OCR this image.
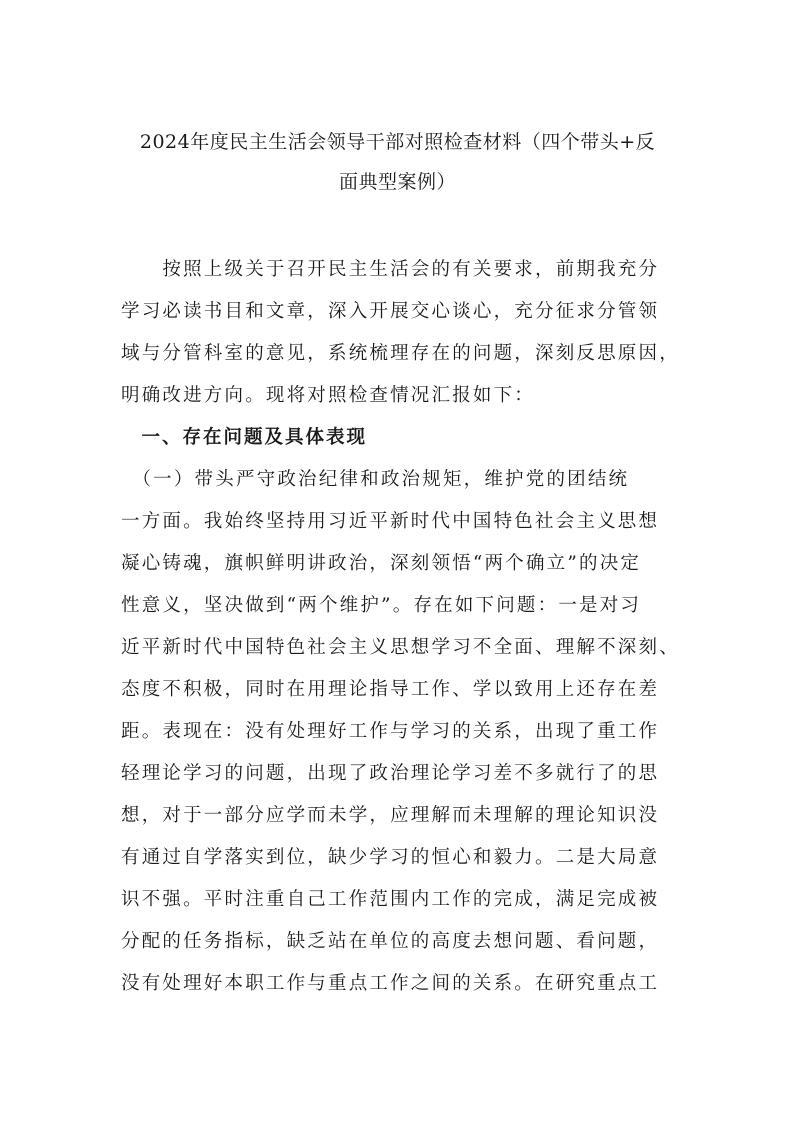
2024年度民主生活会领导干部对照检查材料（四个带头+反
面典型案例）
　　按照上级关于召开民主生活会的有关要求，前期我充分
学习必读书目和文章，深入开展交心谈心，充分征求分管领
域与分管科室的意见，系统梳理存在的问题，深刻反思原因，
明确改进方向。现将对照检查情况汇报如下：
　一、存在问题及具体表现
　（一）带头严守政治纪律和政治规矩，维护党的团结统
一方面。我始终坚持用习近平新时代中国特色社会主义思想
凝心铸魂，旗帜鲜明讲政治，深刻领悟“两个确立”的决定
性意义，坚决做到“两个维护”。存在如下问题：一是对习
近平新时代中国特色社会主义思想学习不全面、理解不深刻、
态度不积极，同时在用理论指导工作、学以致用上还存在差
距。表现在：没有处理好工作与学习的关系，出现了重工作
轻理论学习的问题，出现了政治理论学习差不多就行了的思
想，对于一部分应学而未学，应理解而未理解的理论知识没
有通过自学落实到位，缺少学习的恒心和毅力。二是大局意
识不强。平时注重自己工作范围内工作的完成，满足完成被
分配的任务指标，缺乏站在单位的高度去想问题、看问题，
没有处理好本职工作与重点工作之间的关系。在研究重点工
